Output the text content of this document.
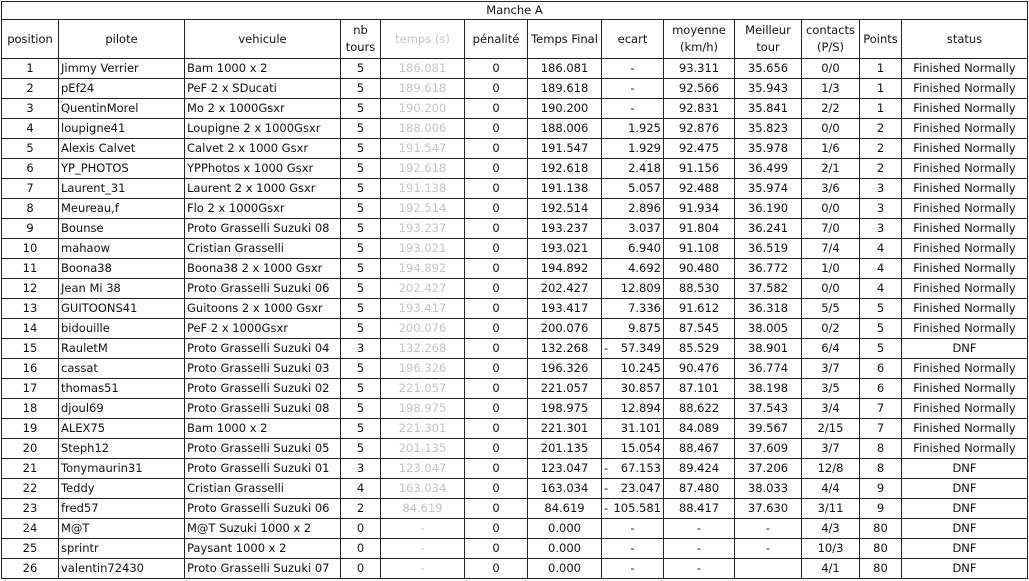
Manche A												
position	pilote	vehicule	nb tours	temps (s)	pénalité	Temps Final	ecart	moyenne (km/h)	Meilleur tour	contacts (P/S)	Points	status
1	Jimmy Verrier	Bam 1000 x 2	5	186.081	0	186.081	-	93.311	35.656	0/0	1	Finished Normally
2	pEf24	PeF 2 x SDucati	5	189.618	0	189.618	-	92.566	35.943	1/3	1	Finished Normally
3	QuentinMorel	Mo 2 x 1000Gsxr	5	190.200	0	190.200	-	92.831	35.841	2/2	1	Finished Normally
4	loupigne41	Loupigne 2 x 1000Gsxr	5	188.006	0	188.006	1.925	92.876	35.823	0/0	2	Finished Normally
5	Alexis Calvet	Calvet 2 x 1000 Gsxr	5	191.547	0	191.547	1.929	92.475	35.978	1/6	2	Finished Normally
6	YP_PHOTOS	YPPhotos x 1000 Gsxr	5	192.618	0	192.618	2.418	91.156	36.499	2/1	2	Finished Normally
7	Laurent_31	Laurent 2 x 1000 Gsxr	5	191.138	0	191.138	5.057	92.488	35.974	3/6	3	Finished Normally
8	Meureau,f	Flo 2 x 1000Gsxr	5	192.514	0	192.514	2.896	91.934	36.190	0/0	3	Finished Normally
9	Bounse	Proto Grasselli Suzuki 08	5	193.237	0	193.237	3.037	91.804	36.241	7/0	3	Finished Normally
10	mahaow	Cristian Grasselli	5	193.021	0	193.021	6.940	91.108	36.519	7/4	4	Finished Normally
11	Boona38	Boona38 2 x 1000 Gsxr	5	194.892	0	194.892	4.692	90.480	36.772	1/0	4	Finished Normally
12	Jean Mi 38	Proto Grasselli Suzuki 06	5	202.427	0	202.427	12.809	88.530	37.582	0/0	4	Finished Normally
13	GUITOONS41	Guitoons 2 x 1000 Gsxr	5	193.417	0	193.417	7.336	91.612	36.318	5/5	5	Finished Normally
14	bidouille	PeF 2 x 1000Gsxr	5	200.076	0	200.076	9.875	87.545	38.005	0/2	5	Finished Normally
15	RauletM	Proto Grasselli Suzuki 04	3	132.268	0	132.268	- 57.349	85.529	38.901	6/4	5	DNF
16	cassat	Proto Grasselli Suzuki 03	5	196.326	0	196.326	10.245	90.476	36.774	3/7	6	Finished Normally
17	thomas51	Proto Grasselli Suzuki 02	5	221.057	0	221.057	30.857	87.101	38.198	3/5	6	Finished Normally
18	djoul69	Proto Grasselli Suzuki 08	5	198.975	0	198.975	12.894	88.622	37.543	3/4	7	Finished Normally
19	ALEX75	Bam 1000 x 2	5	221.301	0	221.301	31.101	84.089	39.567	2/15	7	Finished Normally
20	Steph12	Proto Grasselli Suzuki 05	5	201.135	0	201.135	15.054	88.467	37.609	3/7	8	Finished Normally
21	Tonymaurin31	Proto Grasselli Suzuki 01	3	123.047	0	123.047	- 67.153	89.424	37.206	12/8	8	DNF
22	Teddy	Cristian Grasselli	4	163.034	0	163.034	- 23.047	87.480	38.033	4/4	9	DNF
23	fred57	Proto Grasselli Suzuki 06	2	84.619	0	84.619	- 105.581	88.417	37.630	3/11	9	DNF
24	M@T	M@T Suzuki 1000 x 2	0	-	0	0.000	-	-	-	4/3	80	DNF
25	sprintr	Paysant 1000 x 2	0	-	0	0.000	-	-	-	10/3	80	DNF
26	valentin72430	Proto Grasselli Suzuki 07	0	-	0	0.000	-	-		4/1	80	DNF
